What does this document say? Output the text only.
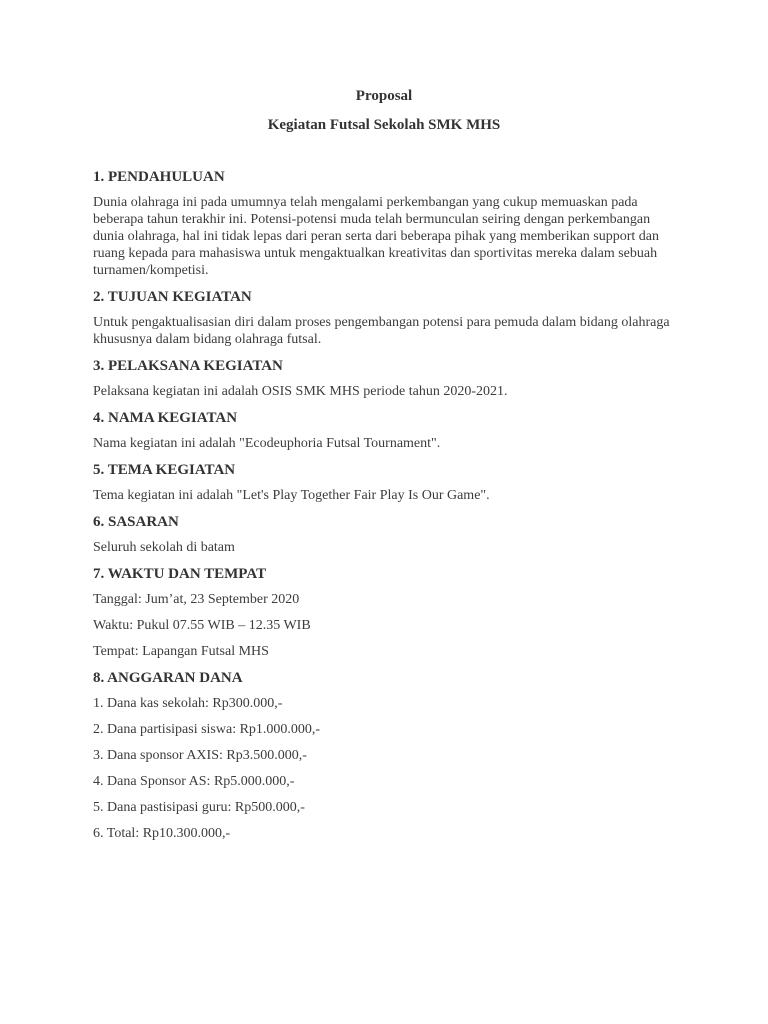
Proposal
Kegiatan Futsal Sekolah SMK MHS
1. PENDAHULUAN

Dunia olahraga ini pada umumnya telah mengalami perkembangan yang cukup memuaskan pada beberapa tahun terakhir ini. Potensi-potensi muda telah bermunculan seiring dengan perkembangan dunia olahraga, hal ini tidak lepas dari peran serta dari beberapa pihak yang memberikan support dan ruang kepada para mahasiswa untuk mengaktualkan kreativitas dan sportivitas mereka dalam sebuah turnamen/kompetisi.

2. TUJUAN KEGIATAN

Untuk pengaktualisasian diri dalam proses pengembangan potensi para pemuda dalam bidang olahraga khususnya dalam bidang olahraga futsal.

3. PELAKSANA KEGIATAN

Pelaksana kegiatan ini adalah OSIS SMK MHS periode tahun 2020-2021.

4. NAMA KEGIATAN

Nama kegiatan ini adalah "Ecodeuphoria Futsal Tournament".

5. TEMA KEGIATAN

Tema kegiatan ini adalah "Let's Play Together Fair Play Is Our Game".

6. SASARAN

Seluruh sekolah di batam

7. WAKTU DAN TEMPAT

Tanggal: Jum’at, 23 September 2020

Waktu: Pukul 07.55 WIB – 12.35 WIB

Tempat: Lapangan Futsal MHS

8. ANGGARAN DANA

1. Dana kas sekolah: Rp300.000,-

2. Dana partisipasi siswa: Rp1.000.000,-

3. Dana sponsor AXIS: Rp3.500.000,-

4. Dana Sponsor AS: Rp5.000.000,-

5. Dana pastisipasi guru: Rp500.000,-

6. Total: Rp10.300.000,-
